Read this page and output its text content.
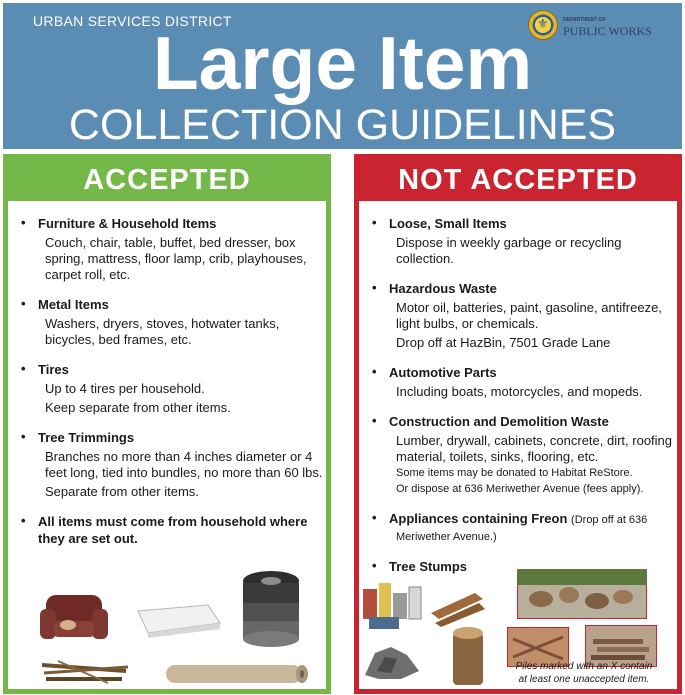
URBAN SERVICES DISTRICT	⚜	DEPARTMENT OF
PUBLIC WORKS
Large Item
COLLECTION GUIDELINES
ACCEPTED
• Furniture & Household Items
Couch, chair, table, buffet, bed dresser, box spring, mattress, floor lamp, crib, playhouses, carpet roll, etc.
• Metal Items
Washers, dryers, stoves, hotwater tanks, bicycles, bed frames, etc.
• Tires
Up to 4 tires per household.
Keep separate from other items.
• Tree Trimmings
Branches no more than 4 inches diameter or 4 feet long, tied into bundles, no more than 60 lbs.
Separate from other items.
• All items must come from household where they are set out.
NOT ACCEPTED
• Loose, Small Items
Dispose in weekly garbage or recycling collection.
• Hazardous Waste
Motor oil, batteries, paint, gasoline, antifreeze, light bulbs, or chemicals.
Drop off at HazBin, 7501 Grade Lane
• Automotive Parts
Including boats, motorcycles, and mopeds.
• Construction and Demolition Waste
Lumber, drywall, cabinets, concrete, dirt, roofing material, toilets, sinks, flooring, etc.
Some items may be donated to Habitat ReStore.
Or dispose at 636 Meriwether Avenue (fees apply).
• Appliances containing Freon (Drop off at 636
Meriwether Avenue.)
• Tree Stumps
Piles marked with an X contain
at least one unaccepted item.
